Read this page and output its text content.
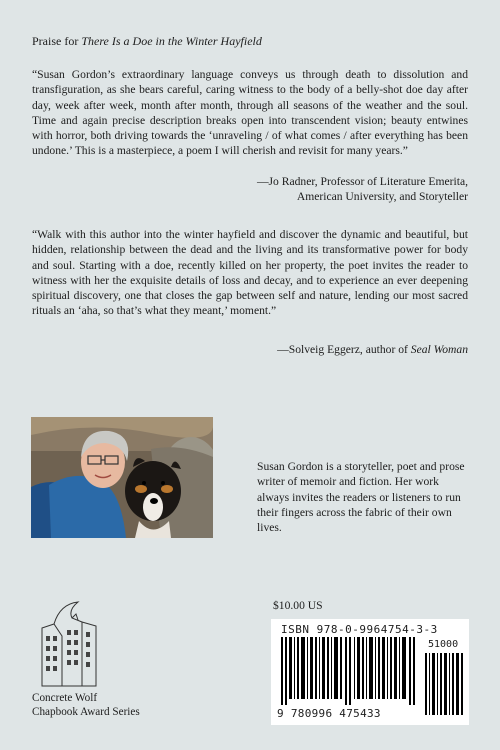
Praise for There Is a Doe in the Winter Hayfield
“Susan Gordon’s extraordinary language conveys us through death to dissolution and transfiguration, as she bears careful, caring witness to the body of a belly-shot doe day after day, week after week, month after month, through all seasons of the weather and the soul. Time and again precise description breaks open into transcendent vision; beauty entwines with horror, both driving towards the ‘unraveling / of what comes / after everything has been undone.’ This is a masterpiece, a poem I will cherish and revisit for many years.”
—Jo Radner, Professor of Literature Emerita,
American University, and Storyteller
“Walk with this author into the winter hayfield and discover the dynamic and beautiful, but hidden, relationship between the dead and the living and its transformative power for body and soul. Starting with a doe, recently killed on her property, the poet invites the reader to witness with her the exquisite details of loss and decay, and to experience an ever deepening spiritual discovery, one that closes the gap between self and nature, lending our most sacred rituals an ‘aha, so that’s what they meant,’ moment.”
—Solveig Eggerz, author of Seal Woman
Susan Gordon is a storyteller, poet and prose writer of memoir and fiction. Her work always invites the readers or listeners to run their fingers across the fabric of their own lives.
$10.00 US
ISBN 978-0-9964754-3-3
9 780996 475433
51000
Concrete Wolf
Chapbook Award Series
